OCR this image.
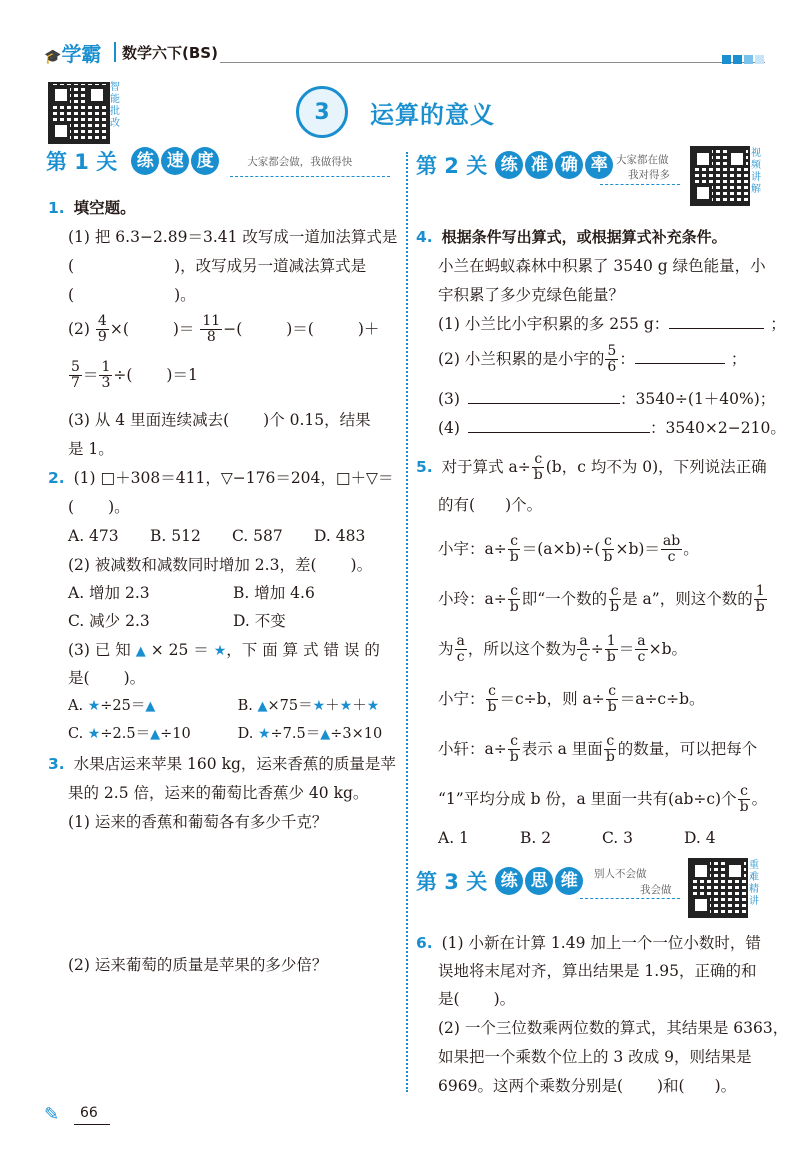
🎓学霸 数学六下(BS)
智能批改	3 运算的意义
第 1 关	练 速 度	大家都会做，我做得快
1. 填空题。
(1) 把 6.3−2.89＝3.41 改写成一道加法算式是
(	)，改写成另一道减法算式是
(	)。
$(2) \frac{4}{9}$ ×(	)＝ $\frac{11}{8}$ −(	)＝(	)＋
$\frac{5}{7} = \frac{1}{3}$ ÷( )＝1
(3) 从 4 里面连续减去( )个 0.15，结果
是 1。
2. (1) □＋308＝411，▽−176＝204，□＋▽＝
( )。
A. 473 B. 512 C. 587 D. 483
(2) 被减数和减数同时增加 2.3，差( )。
A. 增加 2.3	B. 增加 4.6
C. 减少 2.3	D. 不变
(3) 已 知 ▲ × 25 ＝ ★，下 面 算 式 错 误 的
是( )。
A. ★÷25＝▲	B. ▲×75＝★＋★＋★
C. ★÷2.5＝▲÷10	D. ★÷7.5＝▲÷3×10
3. 水果店运来苹果 160 kg，运来香蕉的质量是苹
果的 2.5 倍，运来的葡萄比香蕉少 40 kg。
(1) 运来的香蕉和葡萄各有多少千克？
(2) 运来葡萄的质量是苹果的多少倍？
第 2 关 练 准 确 率 大家都在做
我对得多
视频讲解
4. 根据条件写出算式，或根据算式补充条件。
小兰在蚂蚁森林中积累了 3540 g 绿色能量，小
宇积累了多少克绿色能量？
(1) 小兰比小宇积累的多 255 g：	；
(2) 小兰积累的是小宇的 $\frac{5}{6}$ ：	；
(3)	：3540÷(1＋40%)；
(4)	：3540×2−210。
5. 对于算式 $a\div \frac{c}{b} (b$，c 均不为 0)，下列说法正确
的有( )个。
小宇：$a\div \frac{c}{b} =(a\times b)\div( \frac{c}{b} \times b)= \frac{ab}{c}$ 。
小玲：$a\div \frac{c}{b}$ 即“一个数的 $\frac{c}{b}$ 是 a”，则这个数的 $\frac{1}{b}$
为 $\frac{a}{c}$ ，所以这个数为 $\frac{a}{c} \div \frac{1}{b} = \frac{a}{c} \times b$。
小宁： $\frac{c}{b} =c\div b$，则 $a\div \frac{c}{b} =a\div c\div b$。
小轩：$a\div \frac{c}{b}$ 表示 a 里面 $\frac{c}{b}$ 的数量，可以把每个
“1”平均分成 b 份，a 里面一共有(ab÷c)个 $\frac{c}{b}$ 。
A. 1	B. 2	C. 3	D. 4
第 3 关 练 思 维	别人不会做
我会做
重难精讲
6. (1) 小新在计算 1.49 加上一个一位小数时，错
误地将末尾对齐，算出结果是 1.95，正确的和
是( )。
(2) 一个三位数乘两位数的算式，其结果是 6363，
如果把一个乘数个位上的 3 改成 9，则结果是
6969。这两个乘数分别是( )和( )。
✎ 66
